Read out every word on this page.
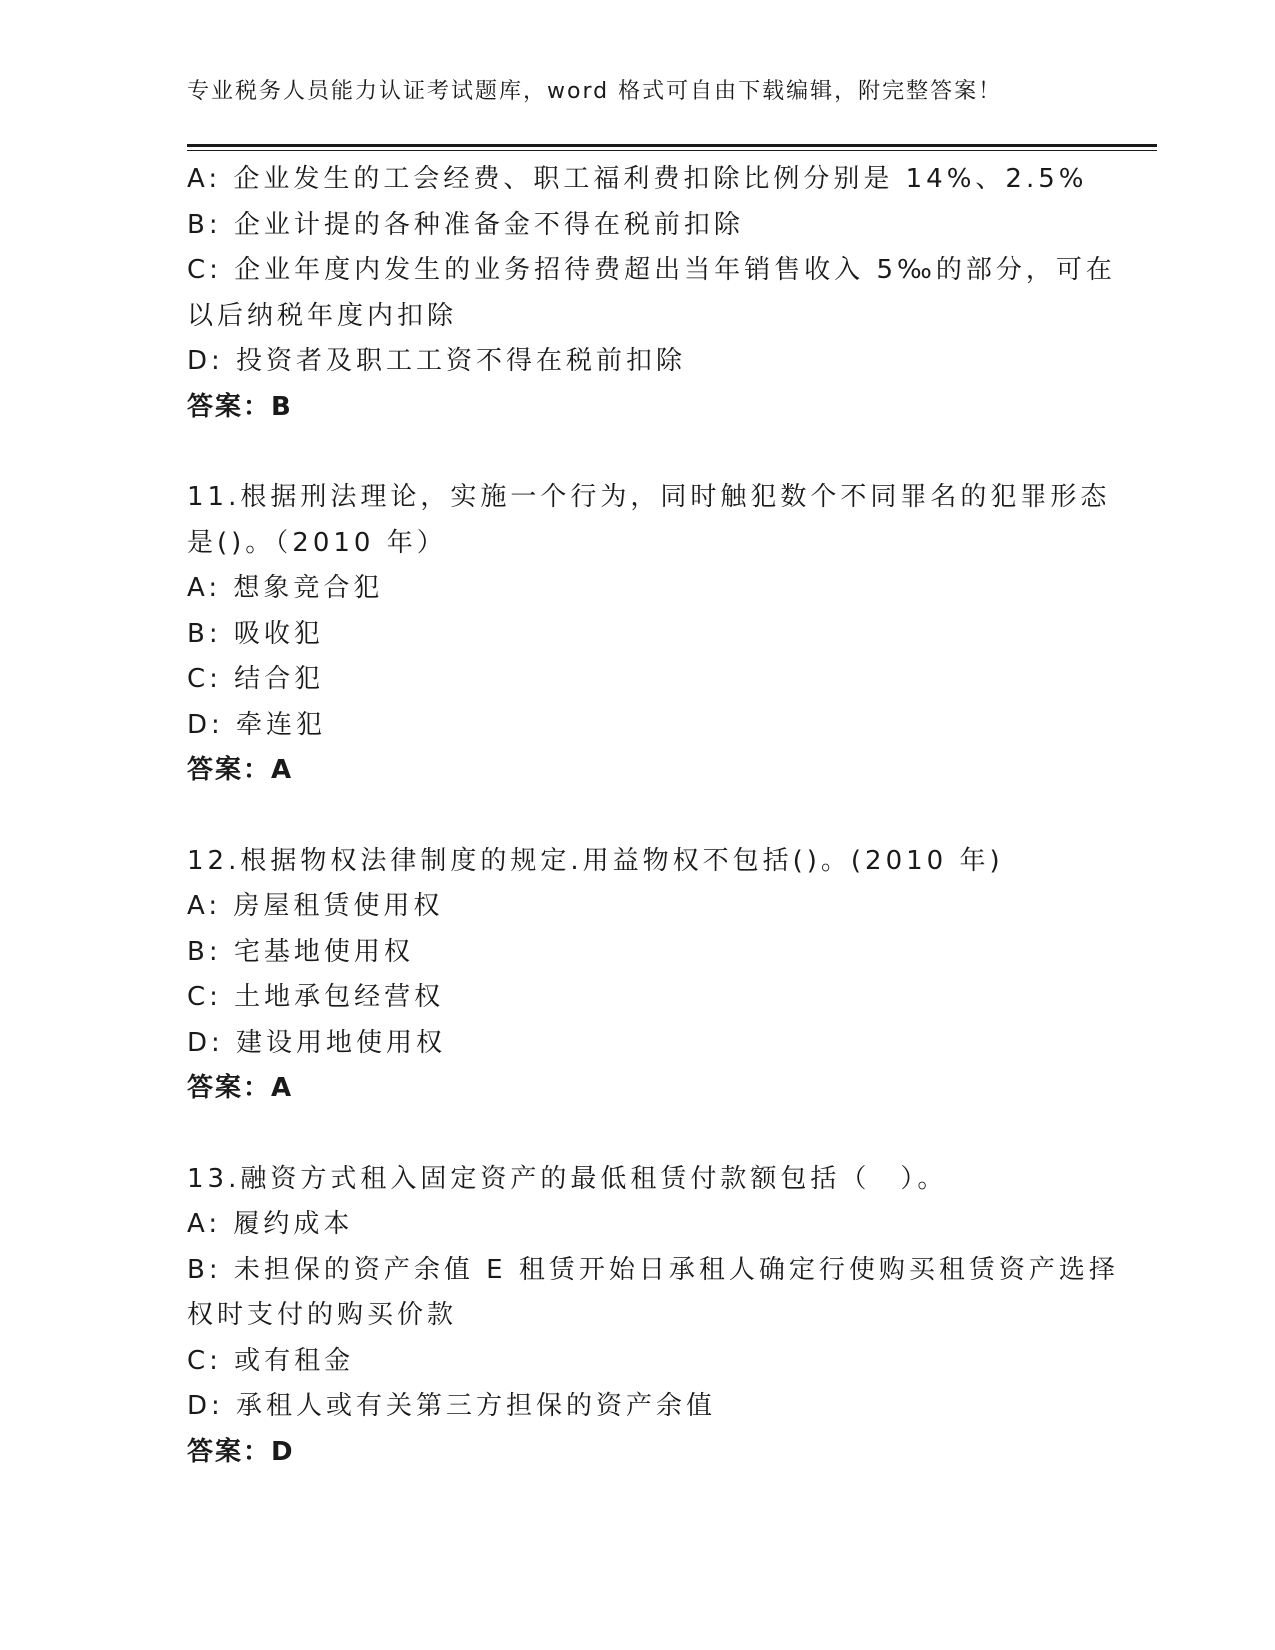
专业税务人员能力认证考试题库，word 格式可自由下载编辑，附完整答案！
A: 企业发生的工会经费、职工福利费扣除比例分别是 14%、2.5%
B: 企业计提的各种准备金不得在税前扣除
C: 企业年度内发生的业务招待费超出当年销售收入 5‰的部分，可在
以后纳税年度内扣除
D: 投资者及职工工资不得在税前扣除
答案：B
11.根据刑法理论，实施一个行为，同时触犯数个不同罪名的犯罪形态
是()。（2010 年）
A: 想象竞合犯
B: 吸收犯
C: 结合犯
D: 牵连犯
答案：A
12.根据物权法律制度的规定.用益物权不包括()。(2010 年)
A: 房屋租赁使用权
B: 宅基地使用权
C: 土地承包经营权
D: 建设用地使用权
答案：A
13.融资方式租入固定资产的最低租赁付款额包括（　）。
A: 履约成本
B: 未担保的资产余值 E 租赁开始日承租人确定行使购买租赁资产选择
权时支付的购买价款
C: 或有租金
D: 承租人或有关第三方担保的资产余值
答案：D
